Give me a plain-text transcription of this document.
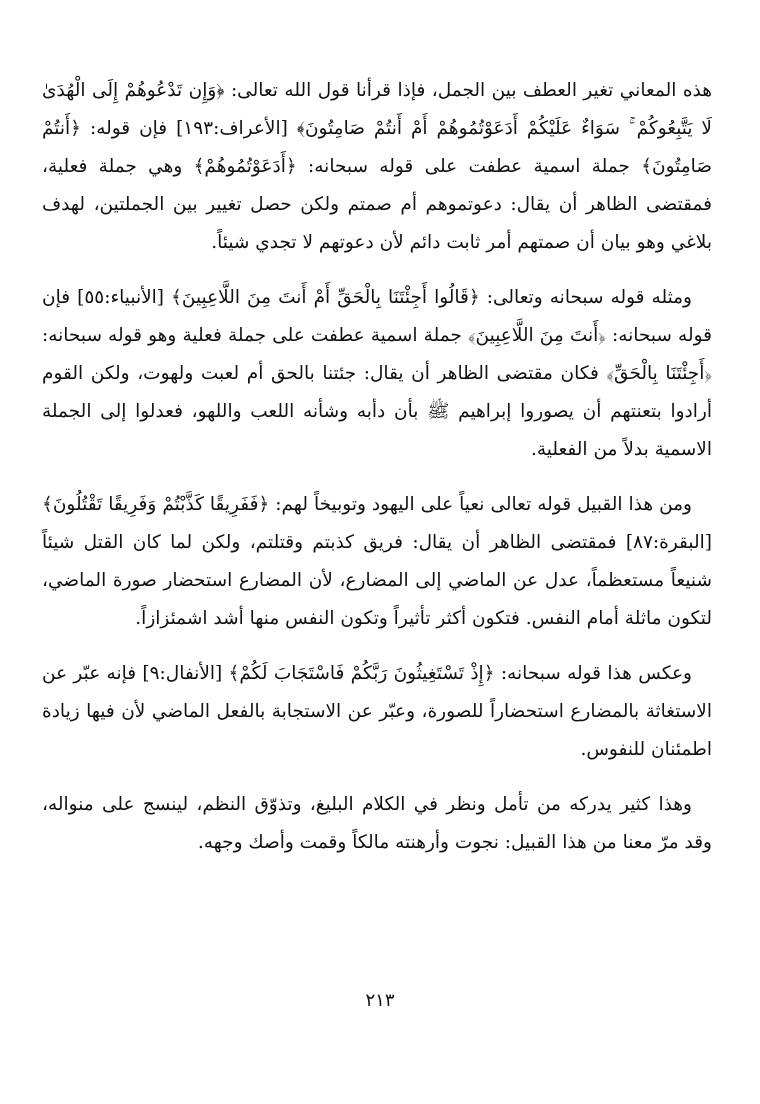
هذه المعاني تغير العطف بين الجمل، فإذا قرأنا قول الله تعالى: ﴿وَإِن تَدْعُوهُمْ إِلَى الْهُدَىٰ لَا يَتَّبِعُوكُمْ ۚ سَوَاءٌ عَلَيْكُمْ أَدَعَوْتُمُوهُمْ أَمْ أَنتُمْ صَامِتُونَ﴾ [الأعراف:١٩٣] فإن قوله: ﴿أَنتُمْ صَامِتُونَ﴾ جملة اسمية عطفت على قوله سبحانه: ﴿أَدَعَوْتُمُوهُمْ﴾ وهي جملة فعلية، فمقتضى الظاهر أن يقال: دعوتموهم أم صمتم ولكن حصل تغيير بين الجملتين، لهدف بلاغي وهو بيان أن صمتهم أمر ثابت دائم لأن دعوتهم لا تجدي شيئاً.

ومثله قوله سبحانه وتعالى: ﴿قَالُوا أَجِئْتَنَا بِالْحَقِّ أَمْ أَنتَ مِنَ اللَّاعِبِينَ﴾ [الأنبياء:٥٥] فإن قوله سبحانه: ﴿أَنتَ مِنَ اللَّاعِبِينَ﴾ جملة اسمية عطفت على جملة فعلية وهو قوله سبحانه: ﴿أَجِئْتَنَا بِالْحَقِّ﴾ فكان مقتضى الظاهر أن يقال: جئتنا بالحق أم لعبت ولهوت، ولكن القوم أرادوا بتعنتهم أن يصوروا إبراهيم ﷺ بأن دأبه وشأنه اللعب واللهو، فعدلوا إلى الجملة الاسمية بدلاً من الفعلية.

ومن هذا القبيل قوله تعالى نعياً على اليهود وتوبيخاً لهم: ﴿فَفَرِيقًا كَذَّبْتُمْ وَفَرِيقًا تَقْتُلُونَ﴾ [البقرة:٨٧] فمقتضى الظاهر أن يقال: فريق كذبتم وقتلتم، ولكن لما كان القتل شيئاً شنيعاً مستعظماً، عدل عن الماضي إلى المضارع، لأن المضارع استحضار صورة الماضي، لتكون ماثلة أمام النفس. فتكون أكثر تأثيراً وتكون النفس منها أشد اشمئزازاً.

وعكس هذا قوله سبحانه: ﴿إِذْ تَسْتَغِيثُونَ رَبَّكُمْ فَاسْتَجَابَ لَكُمْ﴾ [الأنفال:٩] فإنه عبّر عن الاستغاثة بالمضارع استحضاراً للصورة، وعبّر عن الاستجابة بالفعل الماضي لأن فيها زيادة اطمئنان للنفوس.

وهذا كثير يدركه من تأمل ونظر في الكلام البليغ، وتذوّق النظم، لينسج على منواله، وقد مرّ معنا من هذا القبيل: نجوت وأرهنته مالكاً وقمت وأصك وجهه.

٢١٣
